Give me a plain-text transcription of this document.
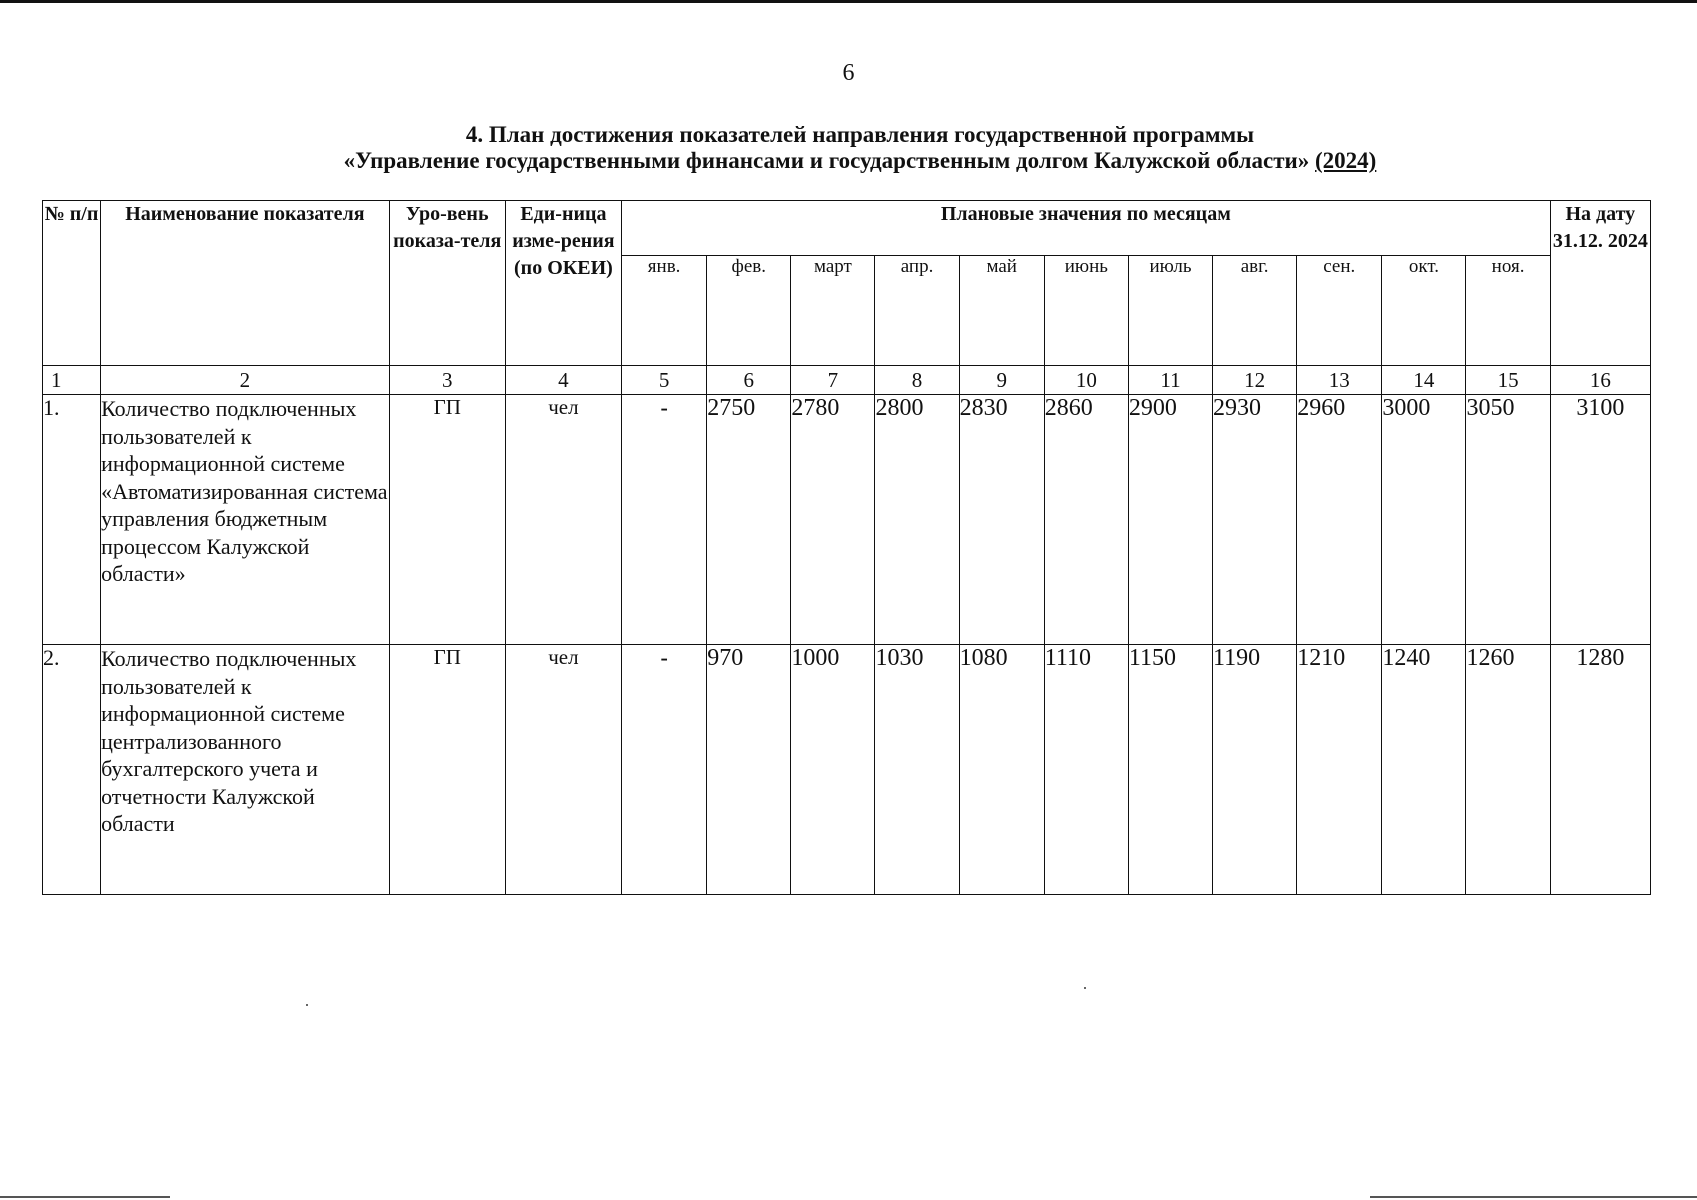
6
4. План достижения показателей направления государственной программы
«Управление государственными финансами и государственным долгом Калужской области» (2024)
№ п/п	Наименование показателя	Уро-вень показа-теля	Еди-ница изме-рения (по ОКЕИ)	Плановые значения по месяцам											На дату 31.12. 2024
				янв.	фев.	март	апр.	май	июнь	июль	авг.	сен.	окт.	ноя.	
1	2	3	4	5	6	7	8	9	10	11	12	13	14	15	16
1.	Количество подключенных пользователей к информационной системе «Автоматизированная система управления бюджетным процессом Калужской области»	ГП	чел	-	2750	2780	2800	2830	2860	2900	2930	2960	3000	3050	3100
2.	Количество подключенных пользователей к информационной системе централизованного бухгалтерского учета и отчетности Калужской области	ГП	чел	-	970	1000	1030	1080	1110	1150	1190	1210	1240	1260	1280
